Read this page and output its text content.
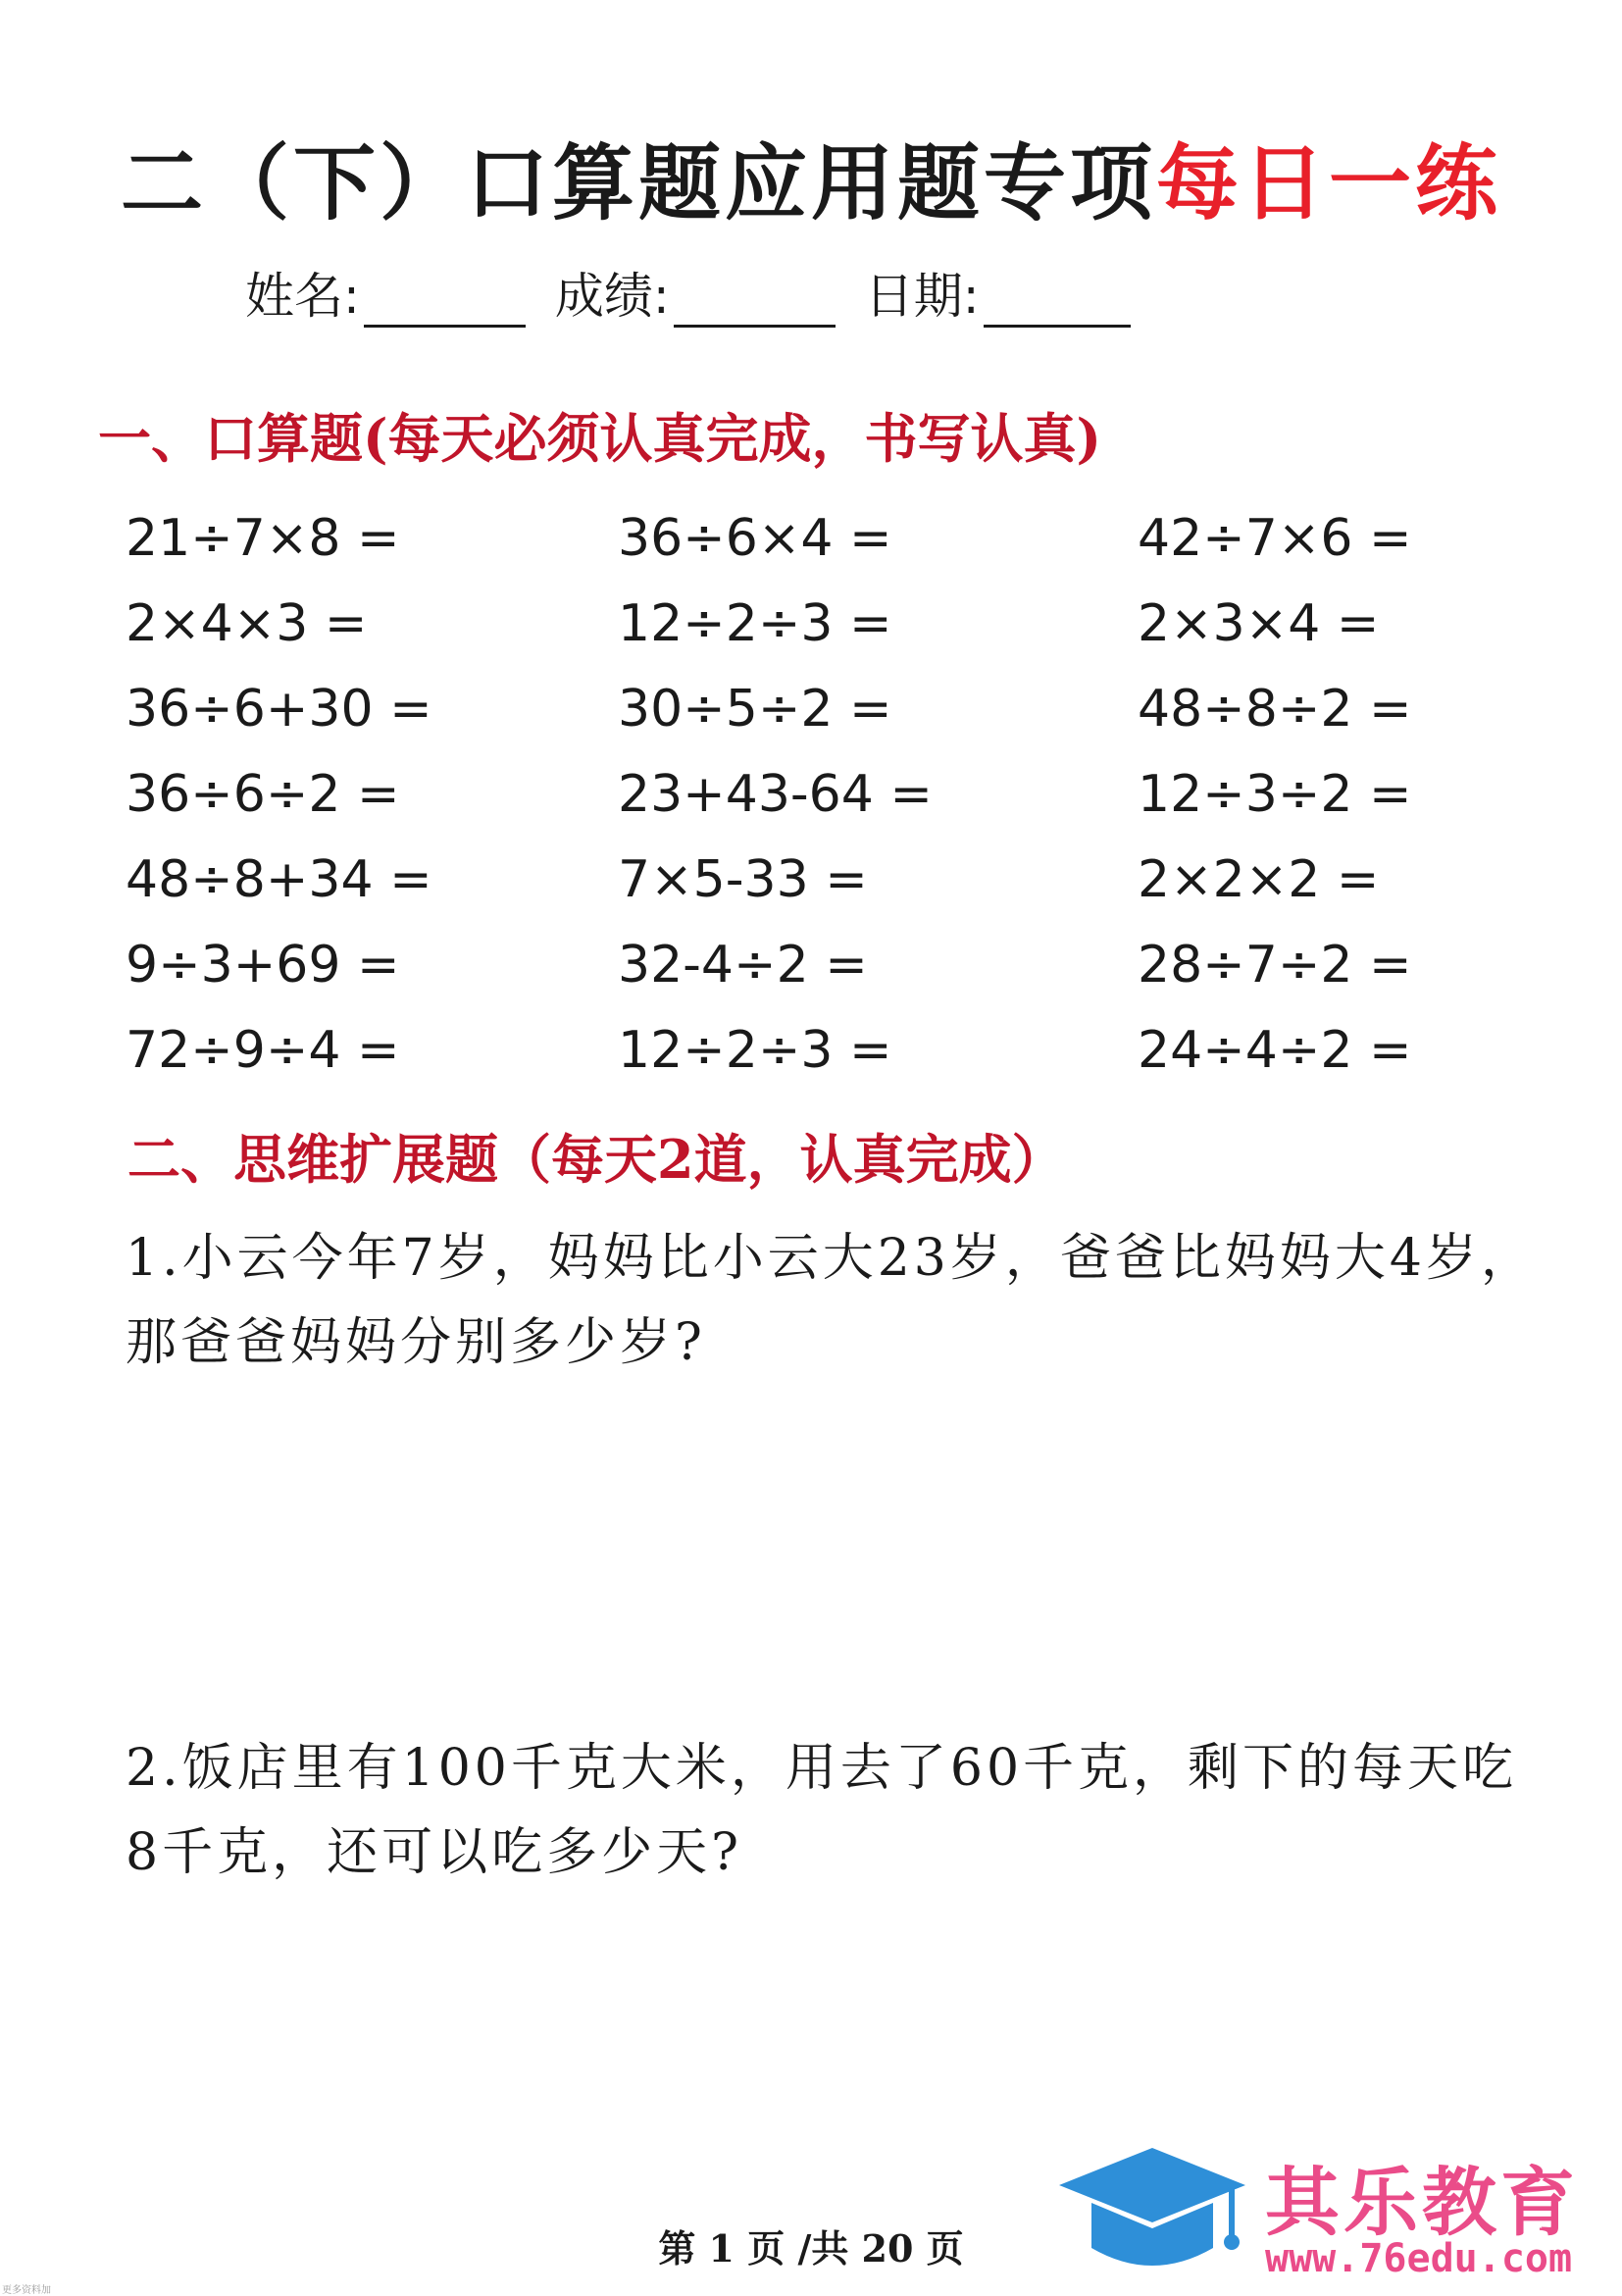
二（下）口算题应用题专项每日一练
姓名:	成绩:	日期:
一、口算题(每天必须认真完成，书写认真)
21÷7×8 =	36÷6×4 =	42÷7×6 =
2×4×3 =	12÷2÷3 =	2×3×4 =
36÷6+30 =	30÷5÷2 =	48÷8÷2 =
36÷6÷2 =	23+43-64 =	12÷3÷2 =
48÷8+34 =	7×5-33 =	2×2×2 =
9÷3+69 =	32-4÷2 =	28÷7÷2 =
72÷9÷4 =	12÷2÷3 =	24÷4÷2 =
二、思维扩展题（每天2道，认真完成）
1.小云今年7岁，妈妈比小云大23岁，爸爸比妈妈大4岁，那爸爸妈妈分别多少岁?
2.饭店里有100千克大米，用去了60千克，剩下的每天吃8千克，还可以吃多少天?
第 1 页 /共 20 页
其乐教育
www.76edu.com
更多资料加
